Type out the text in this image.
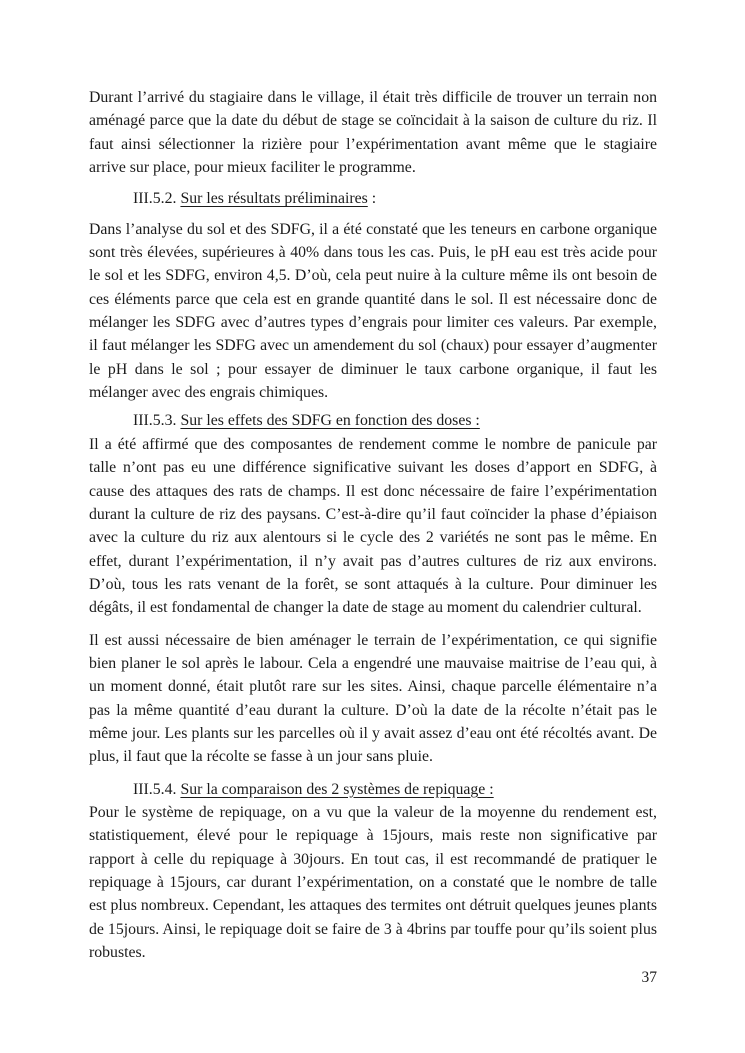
Durant l’arrivé du stagiaire dans le village, il était très difficile de trouver un terrain non aménagé parce que la date du début de stage se coïncidait à la saison de culture du riz. Il faut ainsi sélectionner la rizière pour l’expérimentation avant même que le stagiaire arrive sur place, pour mieux faciliter le programme.

III.5.2. Sur les résultats préliminaires :

Dans l’analyse du sol et des SDFG, il a été constaté que les teneurs en carbone organique sont très élevées, supérieures à 40% dans tous les cas. Puis, le pH eau est très acide pour le sol et les SDFG, environ 4,5. D’où, cela peut nuire à la culture même ils ont besoin de ces éléments parce que cela est en grande quantité dans le sol. Il est nécessaire donc de mélanger les SDFG avec d’autres types d’engrais pour limiter ces valeurs. Par exemple, il faut mélanger les SDFG avec un amendement du sol (chaux) pour essayer d’augmenter le pH dans le sol ; pour essayer de diminuer le taux carbone organique, il faut les mélanger avec des engrais chimiques.

III.5.3. Sur les effets des SDFG en fonction des doses :

Il a été affirmé que des composantes de rendement comme le nombre de panicule par talle n’ont pas eu une différence significative suivant les doses d’apport en SDFG, à cause des attaques des rats de champs. Il est donc nécessaire de faire l’expérimentation durant la culture de riz des paysans. C’est-à-dire qu’il faut coïncider la phase d’épiaison avec la culture du riz aux alentours si le cycle des 2 variétés ne sont pas le même. En effet, durant l’expérimentation, il n’y avait pas d’autres cultures de riz aux environs. D’où, tous les rats venant de la forêt, se sont attaqués à la culture. Pour diminuer les dégâts, il est fondamental de changer la date de stage au moment du calendrier cultural.

Il est aussi nécessaire de bien aménager le terrain de l’expérimentation, ce qui signifie bien planer le sol après le labour. Cela a engendré une mauvaise maitrise de l’eau qui, à un moment donné, était plutôt rare sur les sites. Ainsi, chaque parcelle élémentaire n’a pas la même quantité d’eau durant la culture. D’où la date de la récolte n’était pas le même jour. Les plants sur les parcelles où il y avait assez d’eau ont été récoltés avant. De plus, il faut que la récolte se fasse à un jour sans pluie.

III.5.4. Sur la comparaison des 2 systèmes de repiquage :

Pour le système de repiquage, on a vu que la valeur de la moyenne du rendement est, statistiquement, élevé pour le repiquage à 15jours, mais reste non significative par rapport à celle du repiquage à 30jours. En tout cas, il est recommandé de pratiquer le repiquage à 15jours, car durant l’expérimentation, on a constaté que le nombre de talle est plus nombreux. Cependant, les attaques des termites ont détruit quelques jeunes plants de 15jours. Ainsi, le repiquage doit se faire de 3 à 4brins par touffe pour qu’ils soient plus robustes.

37
